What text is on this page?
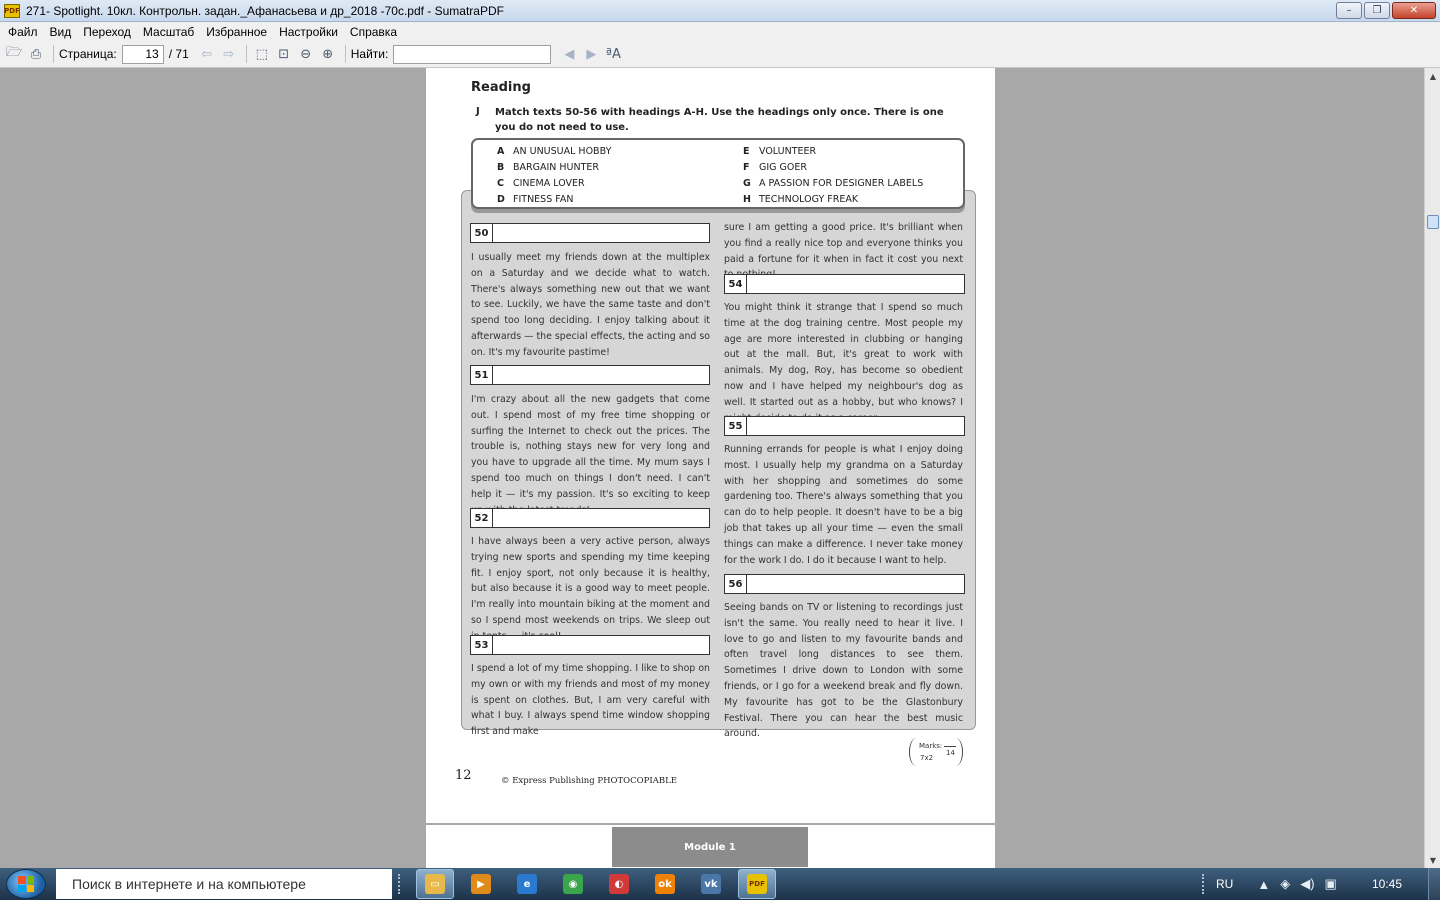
PDF 271- Spotlight. 10кл. Контрольн. задан._Афанасьева и др_2018 -70с.pdf - SumatraPDF	–	❐	✕
Файл	Вид	Переход	Масштаб	Избранное	Настройки	Справка
🗁 ⎙	Страница:
13	/ 71 ⇦ ⇨	⬚ ⊡ ⊖ ⊕	Найти:	◀ ▶ ªA
Reading
J Match texts 50-56 with headings A-H. Use the headings only once. There is one you do not need to use.
A AN UNUSUAL HOBBY
B BARGAIN HUNTER
C CINEMA LOVER
D FITNESS FAN
E	VOLUNTEER
F	GIG GOER
G A PASSION FOR DESIGNER LABELS
H TECHNOLOGY FREAK
50
I usually meet my friends down at the multiplex on a Saturday and we decide what to watch. There's always something new out that we want to see. Luckily, we have the same taste and don't spend too long deciding. I enjoy talking about it afterwards — the special effects, the acting and so on. It's my favourite pastime!
51
I'm crazy about all the new gadgets that come out. I spend most of my free time shopping or surfing the Internet to check out the prices. The trouble is, nothing stays new for very long and you have to upgrade all the time. My mum says I spend too much on things I don't need. I can't help it — it's my passion. It's so exciting to keep
52
I have always been a very active person, always trying new sports and spending my time keeping fit. I enjoy sport, not only because it is healthy, but also because it is a good way to meet people. I'm really into mountain biking at the moment and so I spend most weekends on trips. We sleep out
53
I spend a lot of my time shopping. I like to shop on my own or with my friends and most of my money is spent on clothes. But, I am very careful with what I buy. I always spend time window shopping first and make
sure I am getting a good price. It's brilliant when you find a really nice top and everyone thinks you paid a fortune for it when in fact it cost you next
54
You might think it strange that I spend so much time at the dog training centre. Most people my age are more interested in clubbing or hanging out at the mall. But, it's great to work with animals. My dog, Roy, has become so obedient now and I have helped my neighbour's dog as well. It started out as a hobby, but who knows? I
55
Running errands for people is what I enjoy doing most. I usually help my grandma on a Saturday with her shopping and sometimes do some gardening too. There's always something that you can do to help people. It doesn't have to be a big job that takes up all your time — even the small things can make a difference. I never take money for the work I do. I do it because I want to help.
56
Seeing bands on TV or listening to recordings just isn't the same. You really need to hear it live. I love to go and listen to my favourite bands and often travel long distances to see them. Sometimes I drive down to London with some friends, or I go for a weekend break and fly down. My favourite has got to be the Glastonbury Festival. There you can hear the best music around.
Marks:
7x2
14
12	© Express Publishing PHOTOCOPIABLE
Module 1
▲
▼
Поиск в интернете и на компьютере	▭	▶	e	◉	◐	ok	vk	PDF	RU ▲ ◈ ◀) ▣	10:45
